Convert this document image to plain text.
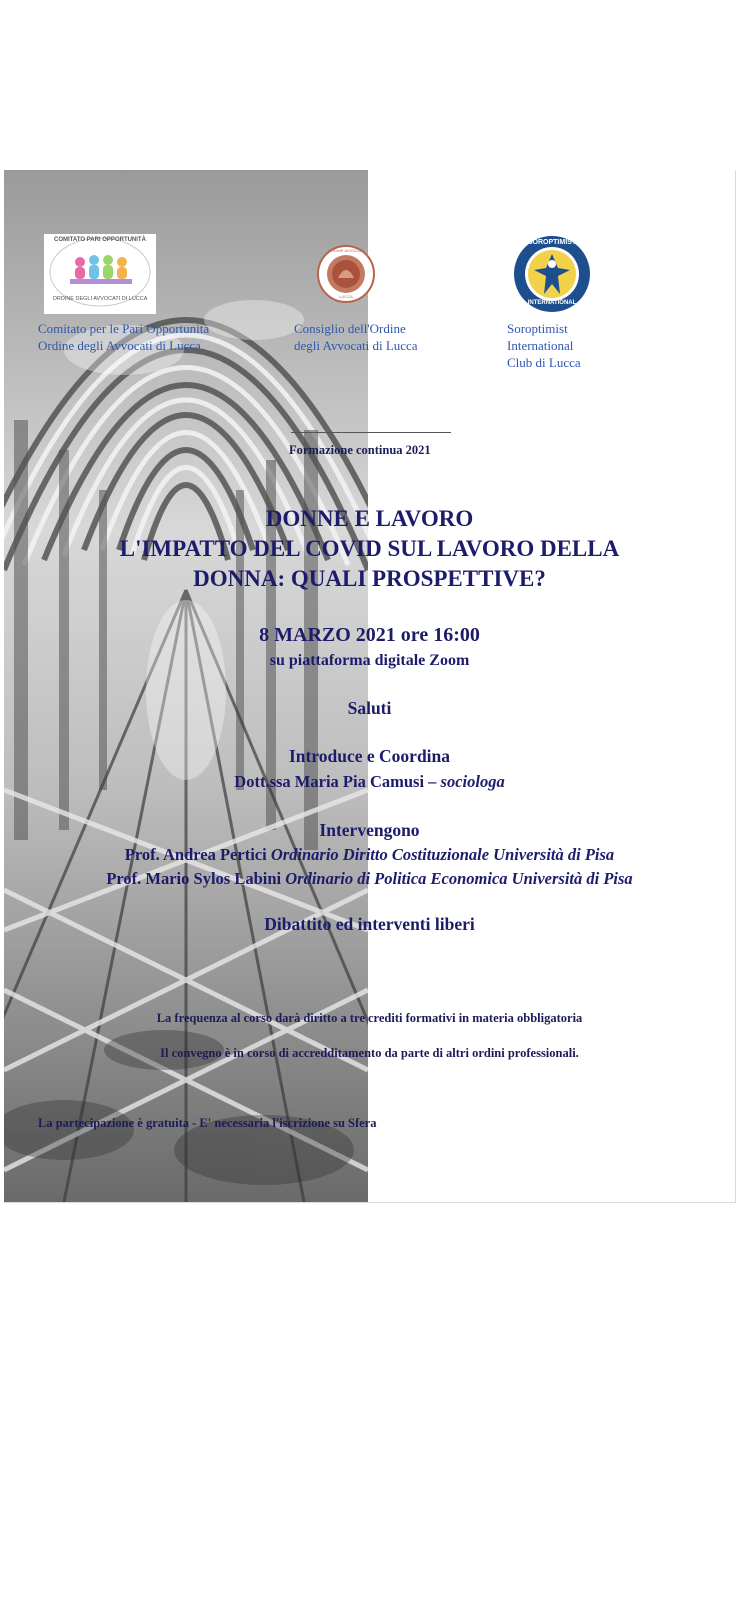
COMITATO PARI OPPORTUNITÀ
ORDINE DEGLI AVVOCATI DI LUCCA
ORDINE AVVOCATI
LUCCA
SOROPTIMIST
INTERNATIONAL
Comitato per le Pari Opportunità
Ordine degli Avvocati di Lucca
Consiglio dell'Ordine
degli Avvocati di Lucca
Soroptimist
International
Club di Lucca
Formazione continua 2021
DONNE E LAVORO
L'IMPATTO DEL COVID SUL LAVORO DELLA
DONNA: QUALI PROSPETTIVE?
8 MARZO 2021 ore 16:00
su piattaforma digitale Zoom
Saluti
Introduce e Coordina
Dott.ssa Maria Pia Camusi – sociologa
Intervengono
Prof. Andrea Pertici Ordinario Diritto Costituzionale Università di Pisa
Prof. Mario Sylos Labini Ordinario di Politica Economica Università di Pisa
Dibattito ed interventi liberi
La frequenza al corso darà diritto a tre crediti formativi in materia obbligatoria
Il convegno è in corso di accredditamento da parte di altri ordini professionali.
La partecipazione è gratuita - E' necessaria l'iscrizione su Sfera
